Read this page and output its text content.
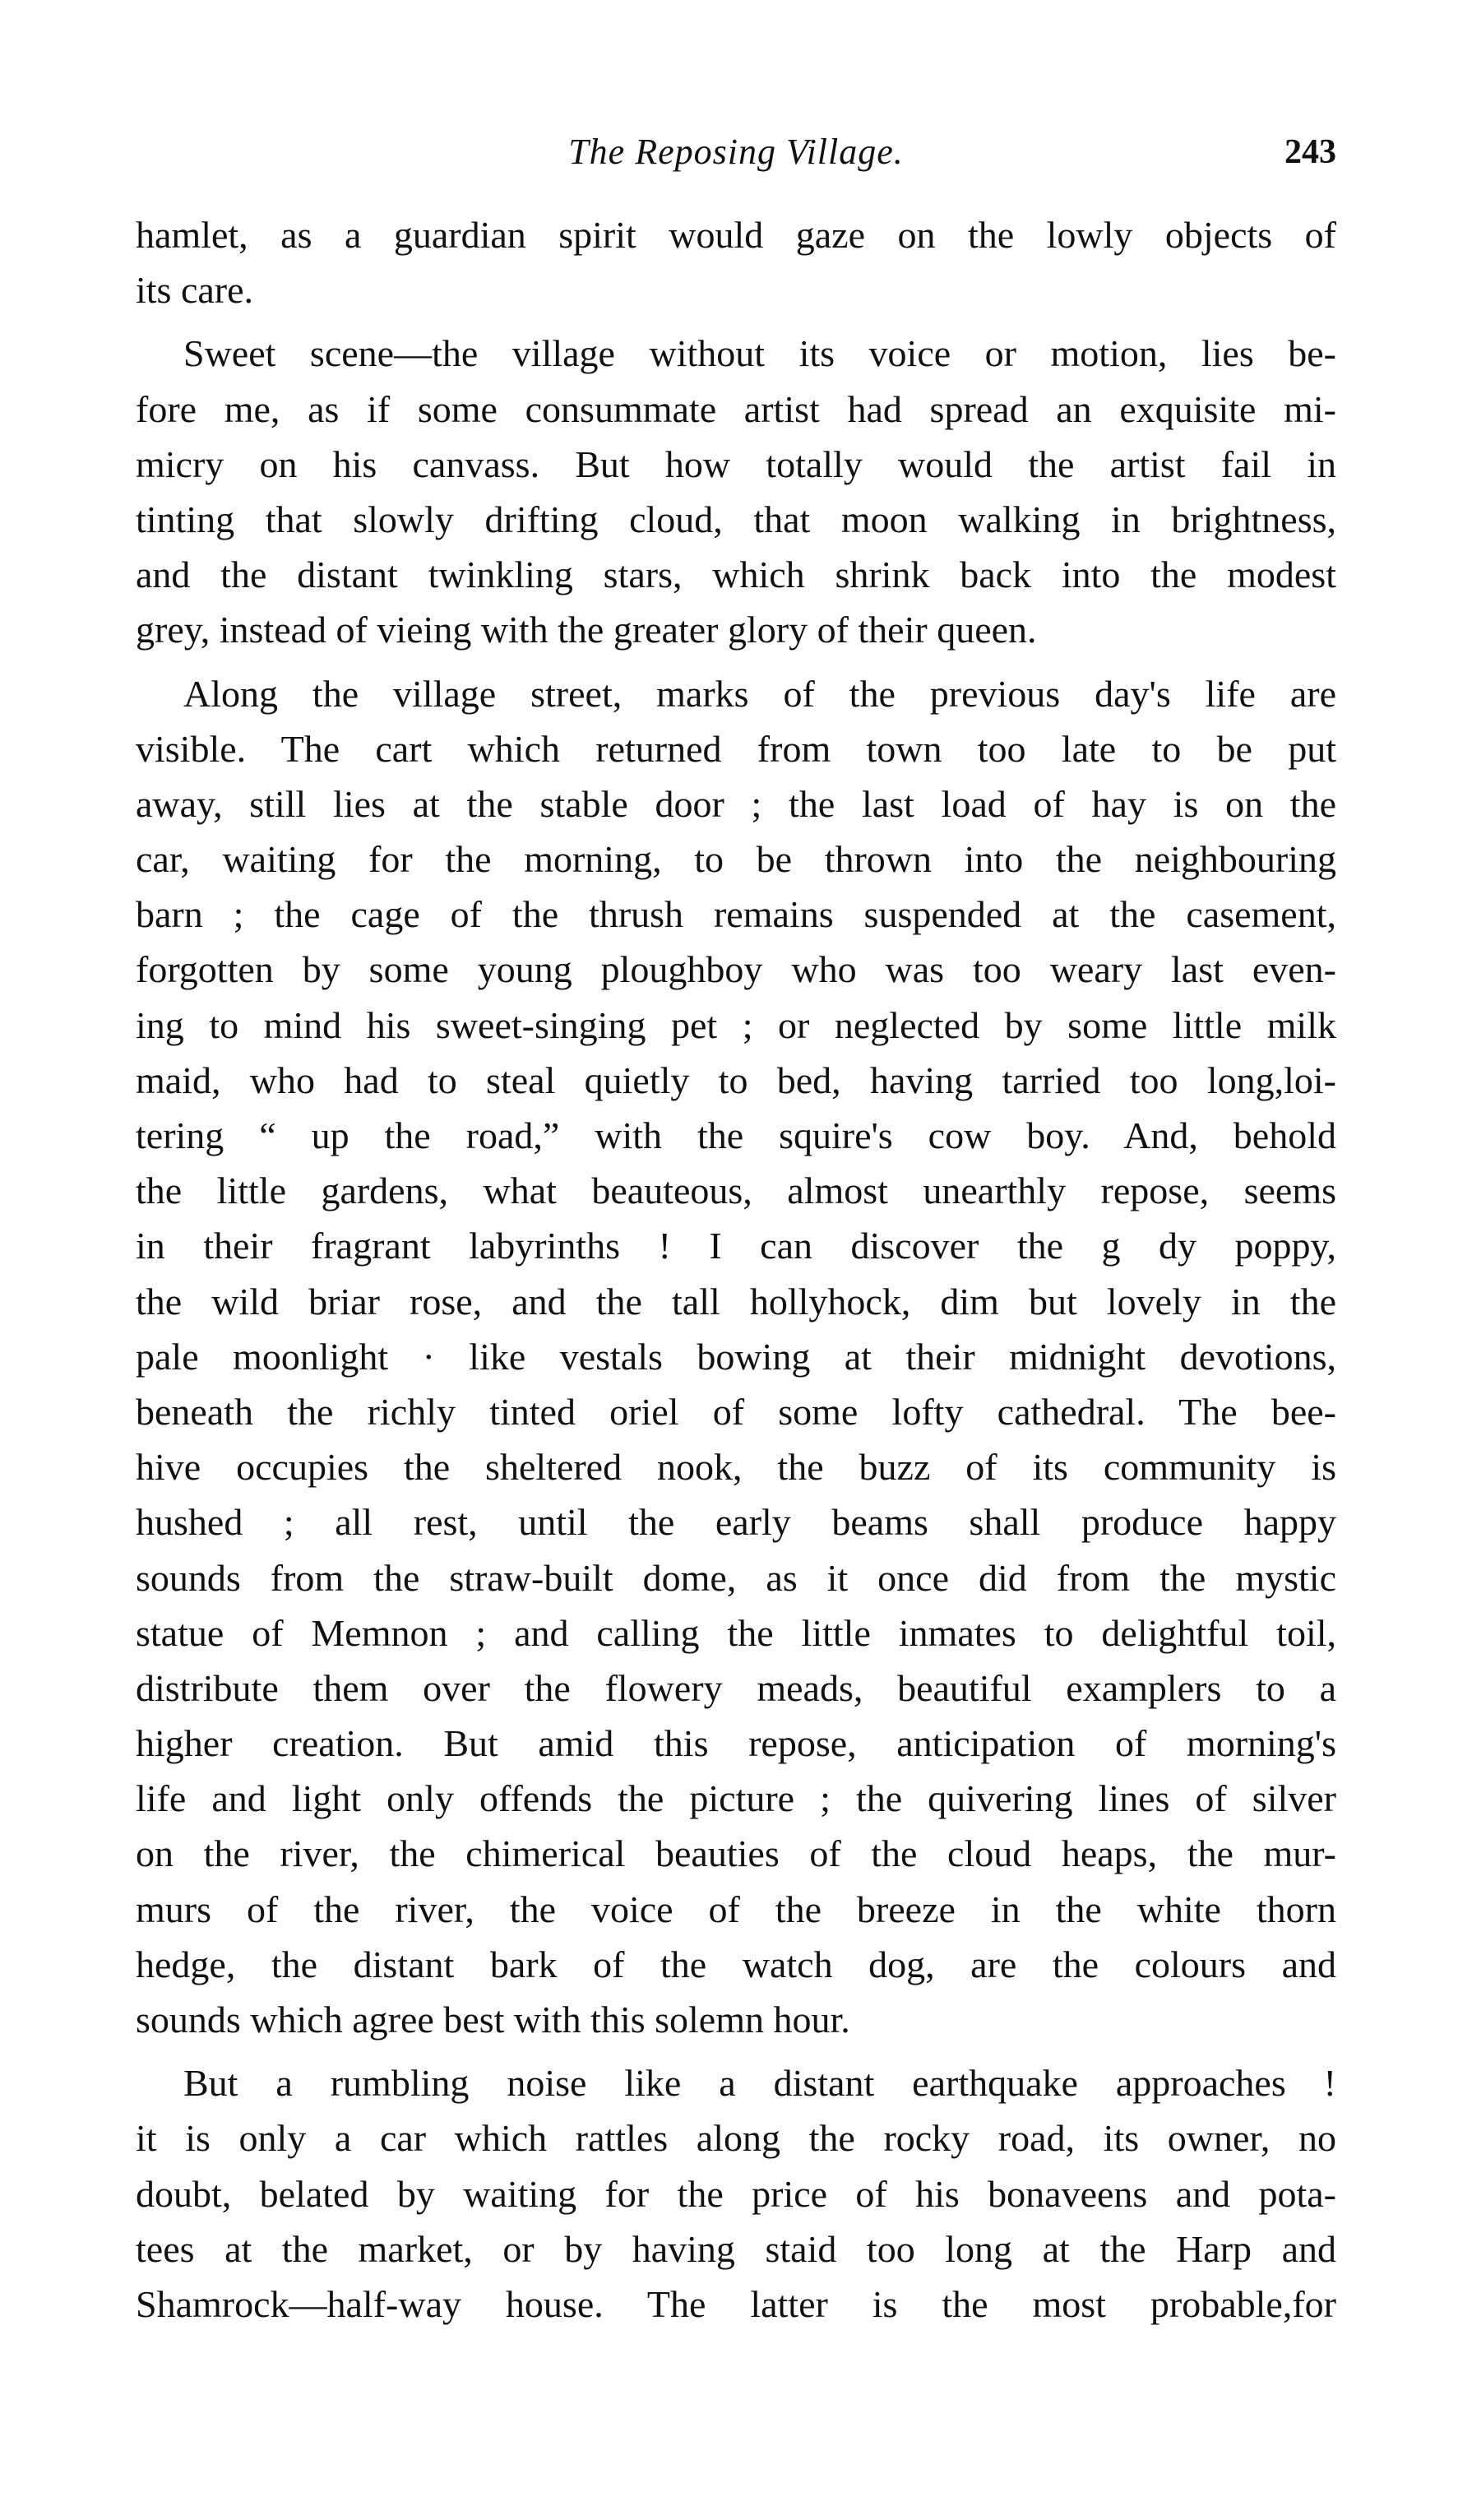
The Reposing Village.	243
hamlet, as a guardian spirit would gaze on the lowly objects of
its care.
Sweet scene—the village without its voice or motion, lies be-
fore me, as if some consummate artist had spread an exquisite mi-
micry on his canvass. But how totally would the artist fail in
tinting that slowly drifting cloud, that moon walking in brightness,
and the distant twinkling stars, which shrink back into the modest
grey, instead of vieing with the greater glory of their queen.
Along the village street, marks of the previous day's life are
visible. The cart which returned from town too late to be put
away, still lies at the stable door ; the last load of hay is on the
car, waiting for the morning, to be thrown into the neighbouring
barn ; the cage of the thrush remains suspended at the casement,
forgotten by some young ploughboy who was too weary last even-
ing to mind his sweet-singing pet ; or neglected by some little milk
maid, who had to steal quietly to bed, having tarried too long,loi-
tering “ up the road,” with the squire's cow boy. And, behold
the little gardens, what beauteous, almost unearthly repose, seems
in their fragrant labyrinths ! I can discover the g dy poppy,
the wild briar rose, and the tall hollyhock, dim but lovely in the
pale moonlight · like vestals bowing at their midnight devotions,
beneath the richly tinted oriel of some lofty cathedral. The bee-
hive occupies the sheltered nook, the buzz of its community is
hushed ; all rest, until the early beams shall produce happy
sounds from the straw-built dome, as it once did from the mystic
statue of Memnon ; and calling the little inmates to delightful toil,
distribute them over the flowery meads, beautiful examplers to a
higher creation. But amid this repose, anticipation of morning's
life and light only offends the picture ; the quivering lines of silver
on the river, the chimerical beauties of the cloud heaps, the mur-
murs of the river, the voice of the breeze in the white thorn
hedge, the distant bark of the watch dog, are the colours and
sounds which agree best with this solemn hour.
But a rumbling noise like a distant earthquake approaches !
it is only a car which rattles along the rocky road, its owner, no
doubt, belated by waiting for the price of his bonaveens and pota-
tees at the market, or by having staid too long at the Harp and
Shamrock—half-way house. The latter is the most probable,for
